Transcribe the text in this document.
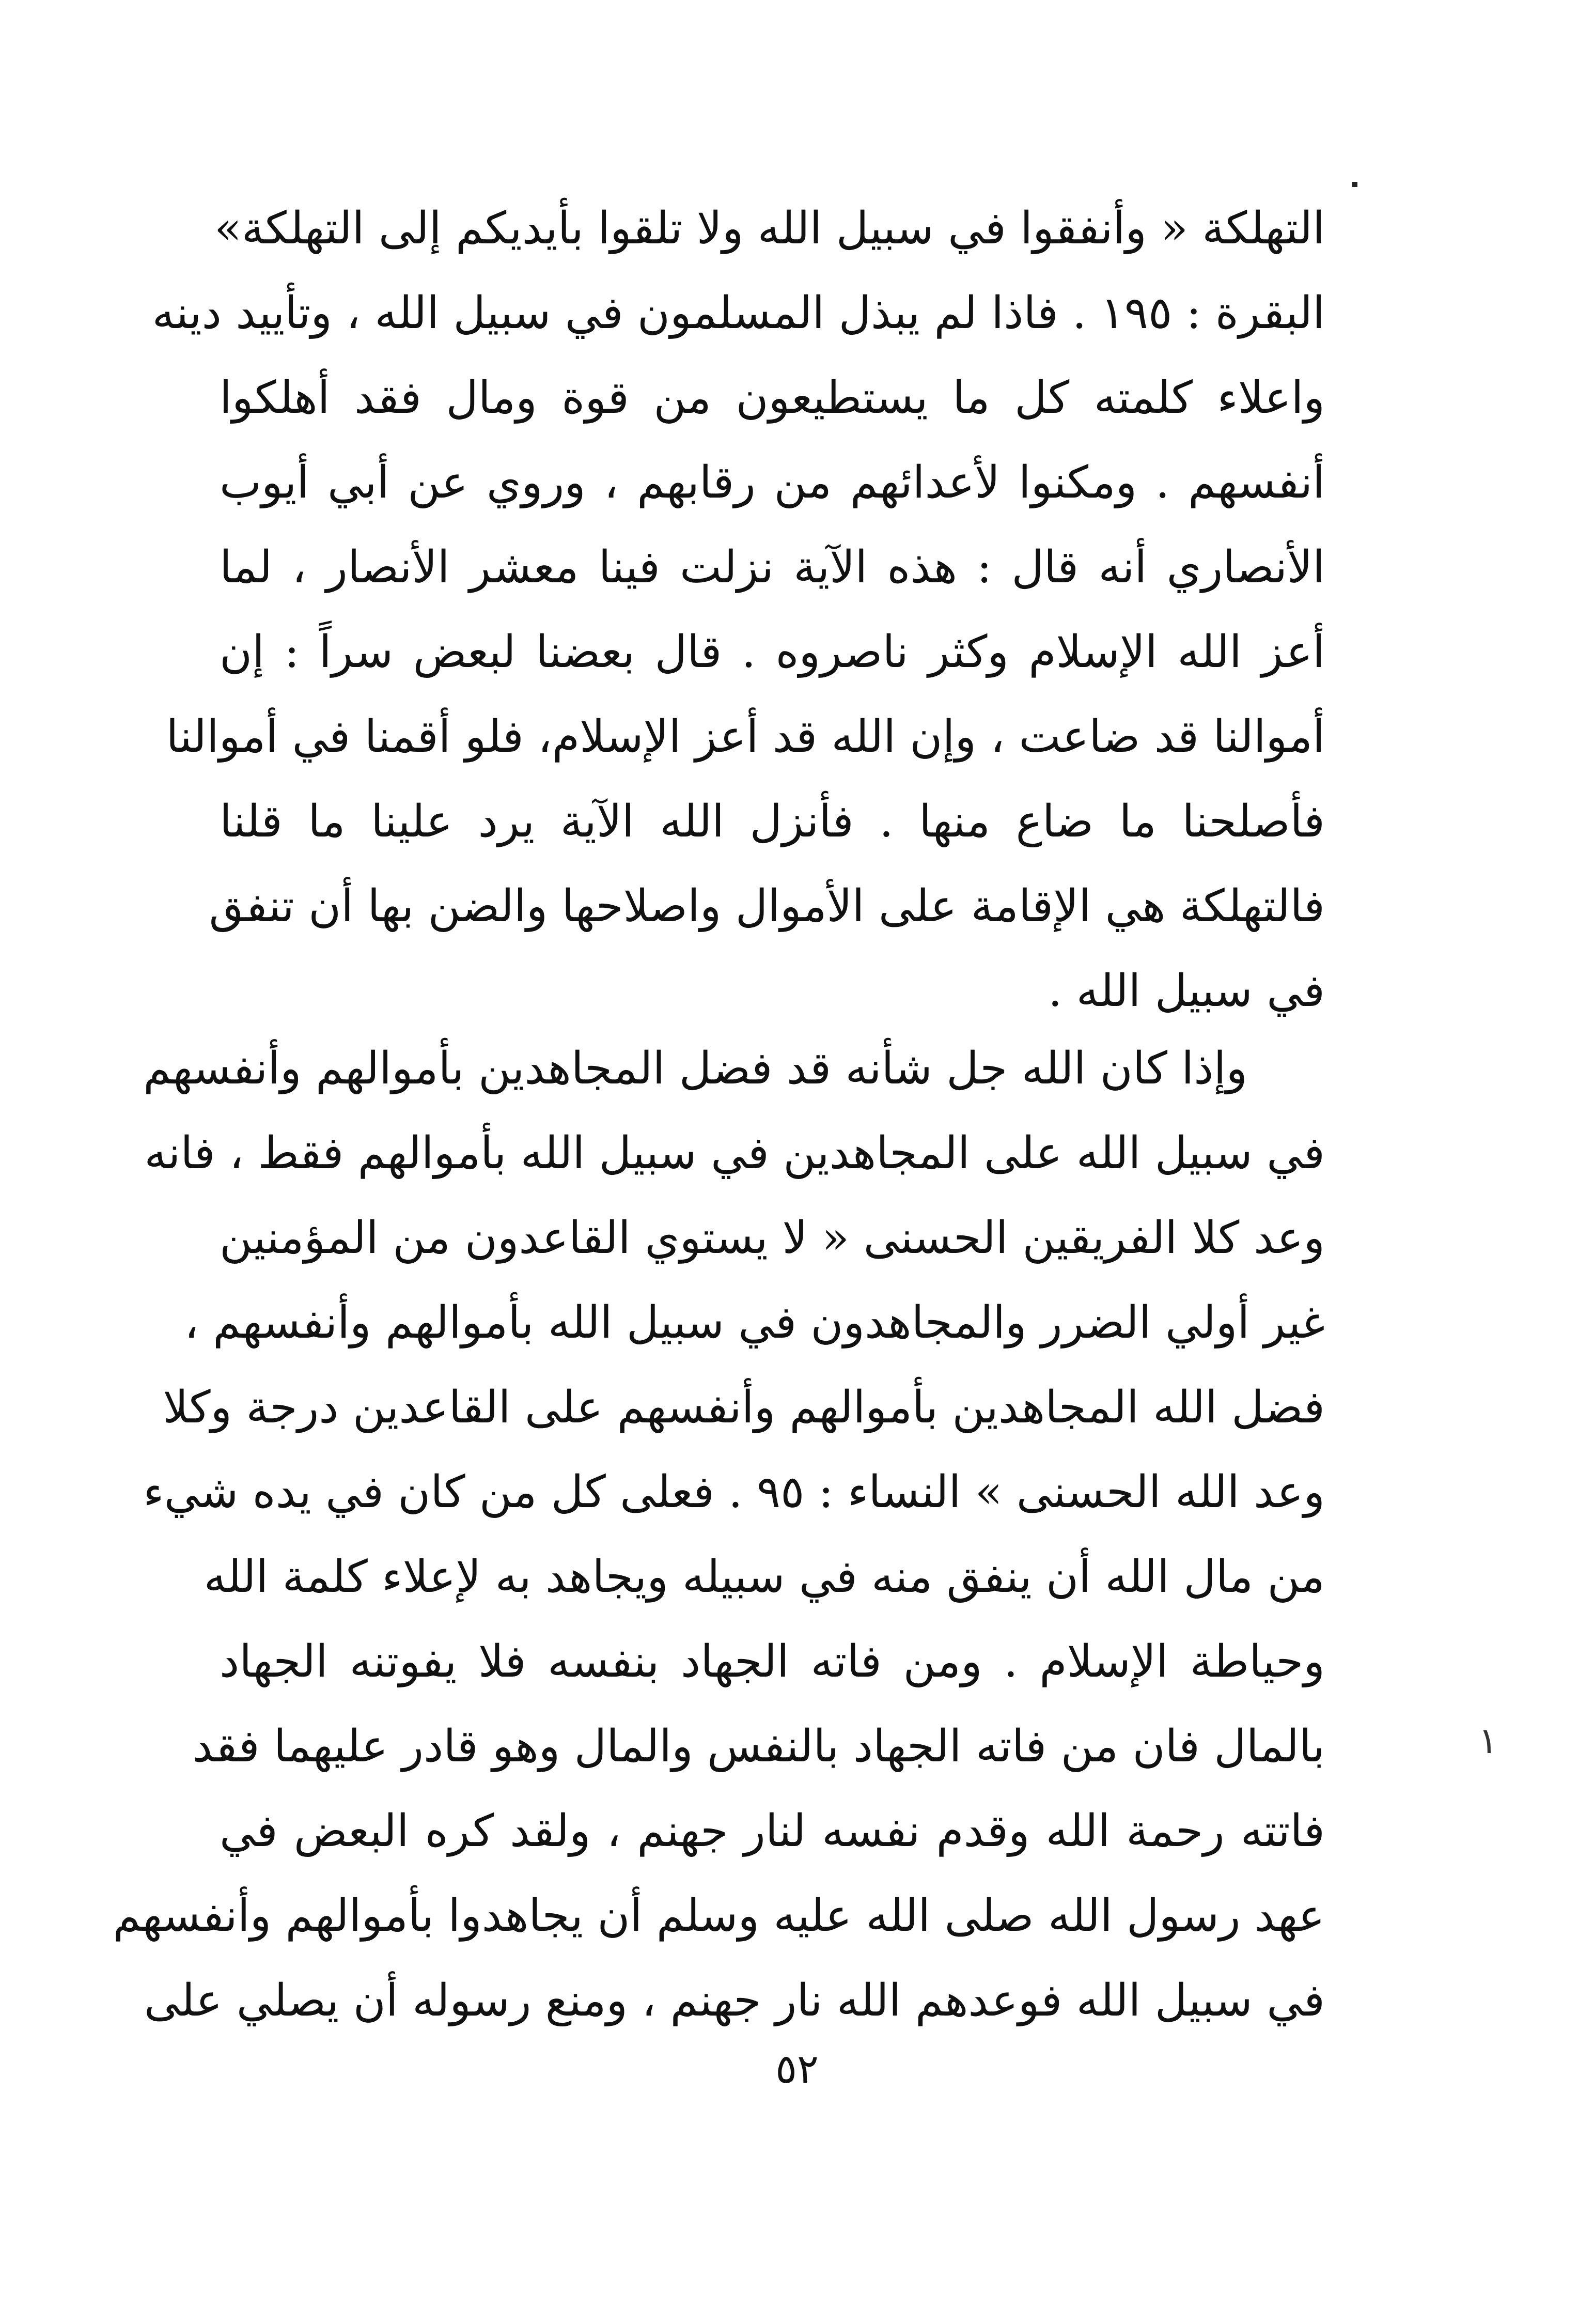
التهلكة « وأنفقوا في سبيل الله ولا تلقوا بأيديكم إلى التهلكة»
البقرة : ١٩٥ . فاذا لم يبذل المسلمون في سبيل الله ، وتأييد دينه
واعلاء كلمته كل ما يستطيعون من قوة ومال فقد أهلكوا
أنفسهم . ومكنوا لأعدائهم من رقابهم ، وروي عن أبي أيوب
الأنصاري أنه قال : هذه الآية نزلت فينا معشر الأنصار ، لما
أعز الله الإسلام وكثر ناصروه . قال بعضنا لبعض سراً : إن
أموالنا قد ضاعت ، وإن الله قد أعز الإسلام، فلو أقمنا في أموالنا
فأصلحنا ما ضاع منها . فأنزل الله الآية يرد علينا ما قلنا
فالتهلكة هي الإقامة على الأموال واصلاحها والضن بها أن تنفق
في سبيل الله .
وإذا كان الله جل شأنه قد فضل المجاهدين بأموالهم وأنفسهم
في سبيل الله على المجاهدين في سبيل الله بأموالهم فقط ، فانه
وعد كلا الفريقين الحسنى « لا يستوي القاعدون من المؤمنين
غير أولي الضرر والمجاهدون في سبيل الله بأموالهم وأنفسهم ،
فضل الله المجاهدين بأموالهم وأنفسهم على القاعدين درجة وكلا
وعد الله الحسنى » النساء : ٩٥ . فعلى كل من كان في يده شيء
من مال الله أن ينفق منه في سبيله ويجاهد به لإعلاء كلمة الله
وحياطة الإسلام . ومن فاته الجهاد بنفسه فلا يفوتنه الجهاد
بالمال فان من فاته الجهاد بالنفس والمال وهو قادر عليهما فقد
فاتته رحمة الله وقدم نفسه لنار جهنم ، ولقد كره البعض في
عهد رسول الله صلى الله عليه وسلم أن يجاهدوا بأموالهم وأنفسهم
في سبيل الله فوعدهم الله نار جهنم ، ومنع رسوله أن يصلي على
١
٥٢
